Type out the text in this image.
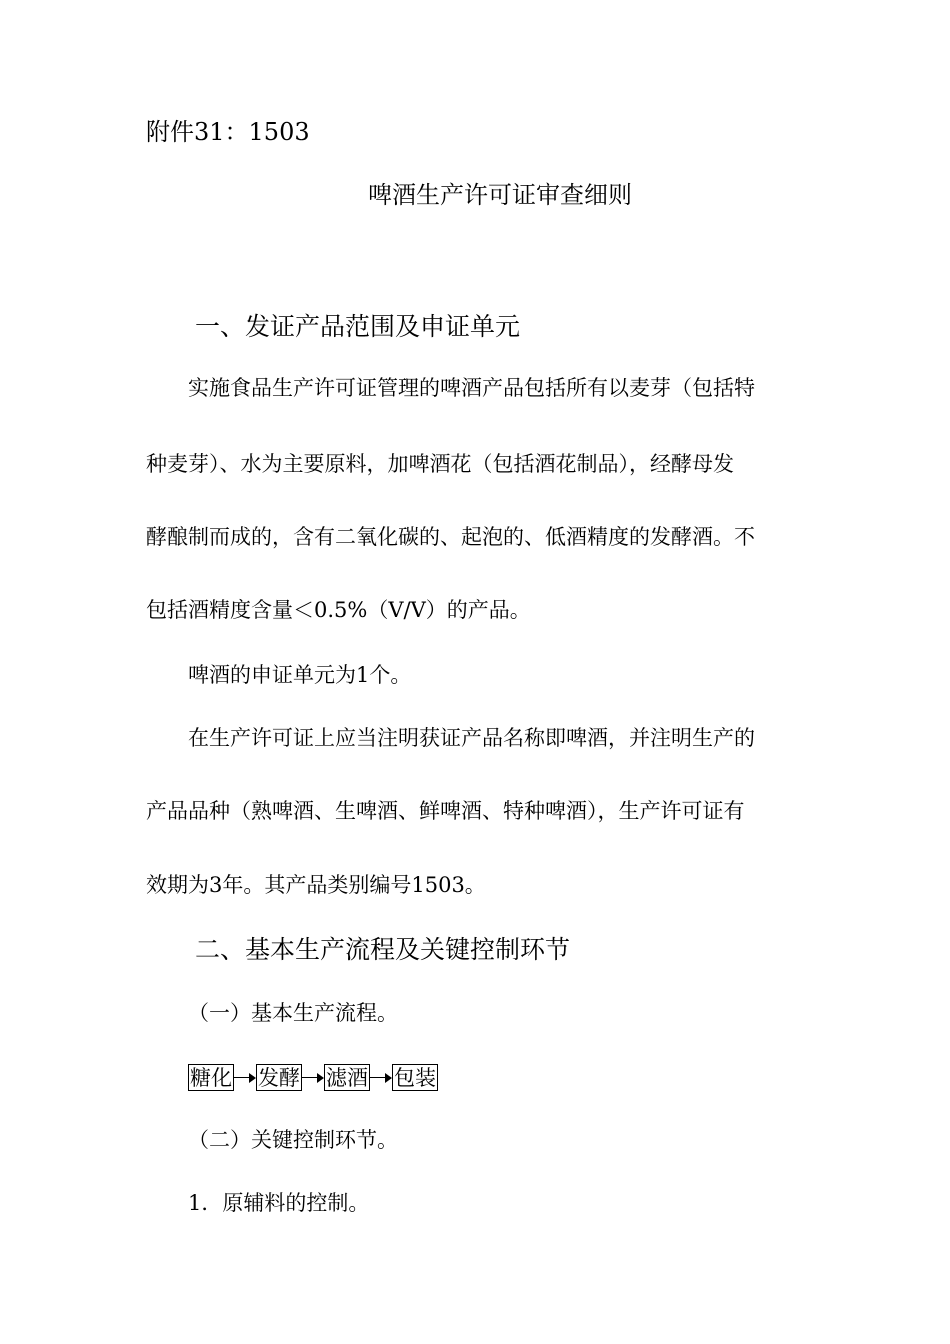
附件31：1503
啤酒生产许可证审查细则
一、发证产品范围及申证单元
实施食品生产许可证管理的啤酒产品包括所有以麦芽（包括特
种麦芽）、水为主要原料，加啤酒花（包括酒花制品），经酵母发
酵酿制而成的，含有二氧化碳的、起泡的、低酒精度的发酵酒。不
包括酒精度含量＜0.5%（V/V）的产品。
啤酒的申证单元为1个。
在生产许可证上应当注明获证产品名称即啤酒，并注明生产的
产品品种（熟啤酒、生啤酒、鲜啤酒、特种啤酒），生产许可证有
效期为3年。其产品类别编号1503。
二、基本生产流程及关键控制环节
（一）基本生产流程。
糖化 发酵 滤酒 包装
（二）关键控制环节。
1．原辅料的控制。
